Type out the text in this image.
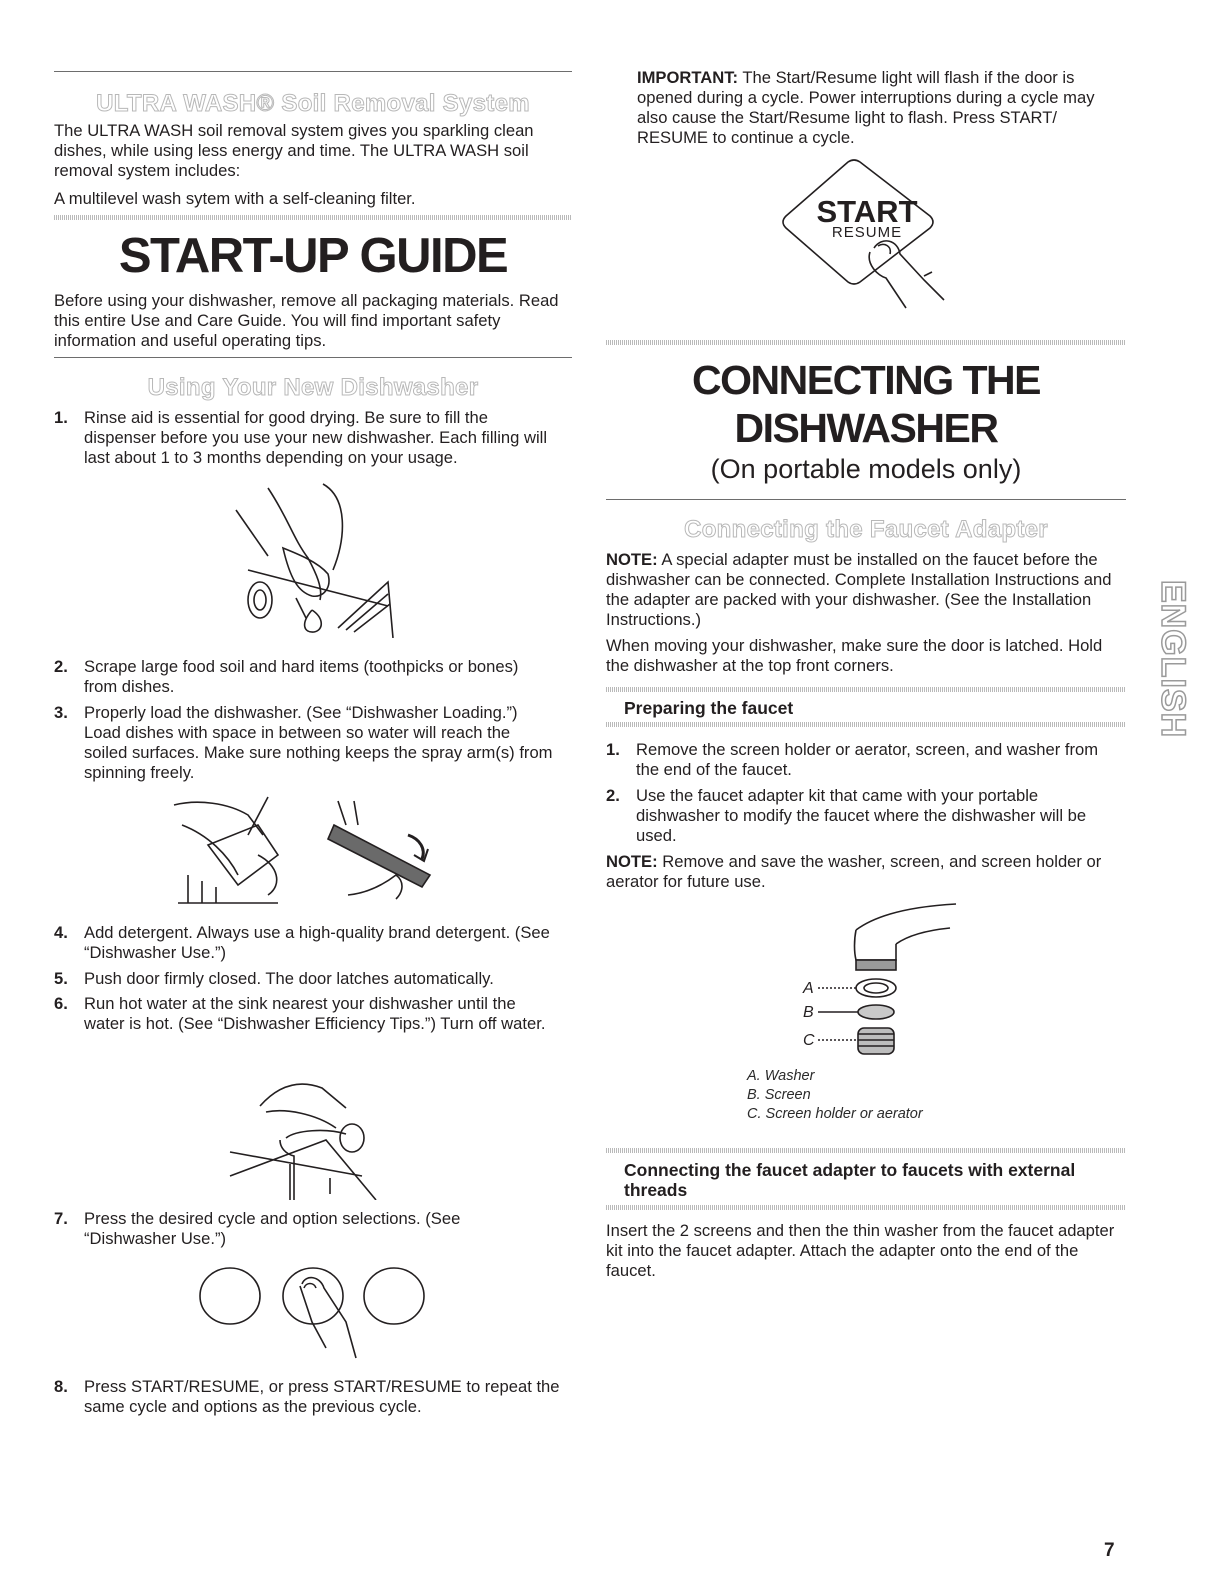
ULTRA WASH® Soil Removal System

The ULTRA WASH soil removal system gives you sparkling clean dishes, while using less energy and time. The ULTRA WASH soil removal system includes:

A multilevel wash sytem with a self-cleaning filter.

START-UP GUIDE

Before using your dishwasher, remove all packaging materials. Read this entire Use and Care Guide. You will find important safety information and useful operating tips.

Using Your New Dishwasher
1. Rinse aid is essential for good drying. Be sure to fill the dispenser before you use your new dishwasher. Each filling will last about 1 to 3 months depending on your usage.
2. Scrape large food soil and hard items (toothpicks or bones) from dishes.
3. Properly load the dishwasher. (See “Dishwasher Loading.”) Load dishes with space in between so water will reach the soiled surfaces. Make sure nothing keeps the spray arm(s) from spinning freely.
4. Add detergent. Always use a high-quality brand detergent. (See “Dishwasher Use.”)
5. Push door firmly closed. The door latches automatically.
6. Run hot water at the sink nearest your dishwasher until the water is hot. (See “Dishwasher Efficiency Tips.”) Turn off water.
7. Press the desired cycle and option selections. (See “Dishwasher Use.”)
8. Press START/RESUME, or press START/RESUME to repeat the same cycle and options as the previous cycle.

IMPORTANT: The Start/Resume light will flash if the door is opened during a cycle. Power interruptions during a cycle may also cause the Start/Resume light to flash. Press START/ RESUME to continue a cycle.

START
RESUME
CONNECTING THE
DISHWASHER
(On portable models only)
Connecting the Faucet Adapter

NOTE: A special adapter must be installed on the faucet before the dishwasher can be connected. Complete Installation Instructions and the adapter are packed with your dishwasher. (See the Installation Instructions.)

When moving your dishwasher, make sure the door is latched. Hold the dishwasher at the top front corners.

Preparing the faucet
1. Remove the screen holder or aerator, screen, and washer from the end of the faucet.
2. Use the faucet adapter kit that came with your portable dishwasher to modify the faucet where the dishwasher will be used.

NOTE: Remove and save the washer, screen, and screen holder or aerator for future use.

A
B
C
A. Washer
B. Screen
C. Screen holder or aerator
Connecting the faucet adapter to faucets with external threads

Insert the 2 screens and then the thin washer from the faucet adapter kit into the faucet adapter. Attach the adapter onto the end of the faucet.

ENGLISH
7
